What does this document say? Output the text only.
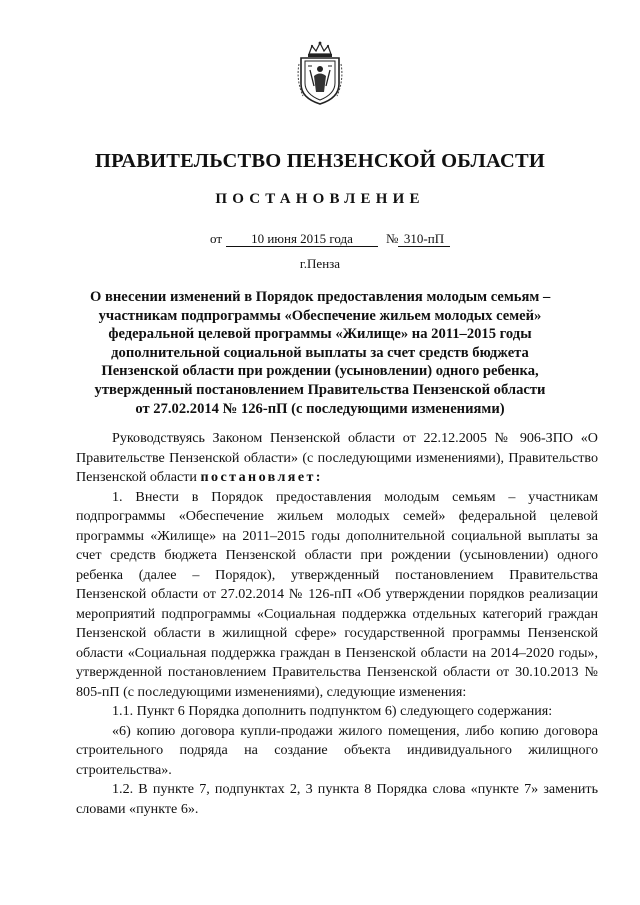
ПРАВИТЕЛЬСТВО ПЕНЗЕНСКОЙ ОБЛАСТИ
ПОСТАНОВЛЕНИЕ
от	10 июня 2015 года	№ 310-пП
г.Пенза
О внесении изменений в Порядок предоставления молодым семьям –
участникам подпрограммы «Обеспечение жильем молодых семей»
федеральной целевой программы «Жилище» на 2011–2015 годы
дополнительной социальной выплаты за счет средств бюджета
Пензенской области при рождении (усыновлении) одного ребенка,
утвержденный постановлением Правительства Пензенской области
от 27.02.2014 № 126-пП (с последующими изменениями)

Руководствуясь Законом Пензенской области от 22.12.2005 № 906-ЗПО «О Правительстве Пензенской области» (с последующими изменениями), Правительство Пензенской области постановляет:

1. Внести в Порядок предоставления молодым семьям – участникам подпрограммы «Обеспечение жильем молодых семей» федеральной целевой программы «Жилище» на 2011–2015 годы дополнительной социальной выплаты за счет средств бюджета Пензенской области при рождении (усыновлении) одного ребенка (далее – Порядок), утвержденный постановлением Правительства Пензенской области от 27.02.2014 № 126-пП «Об утверждении порядков реализации мероприятий подпрограммы «Социальная поддержка отдельных категорий граждан Пензенской области в жилищной сфере» государственной программы Пензенской области «Социальная поддержка граждан в Пензенской области на 2014–2020 годы», утвержденной постановлением Правительства Пензенской области от 30.10.2013 № 805-пП (с последующими изменениями), следующие изменения:

1.1. Пункт 6 Порядка дополнить подпунктом 6) следующего содержания:

«6) копию договора купли-продажи жилого помещения, либо копию договора строительного подряда на создание объекта индивидуального жилищного строительства».

1.2. В пункте 7, подпунктах 2, 3 пункта 8 Порядка слова «пункте 7» заменить словами «пункте 6».
